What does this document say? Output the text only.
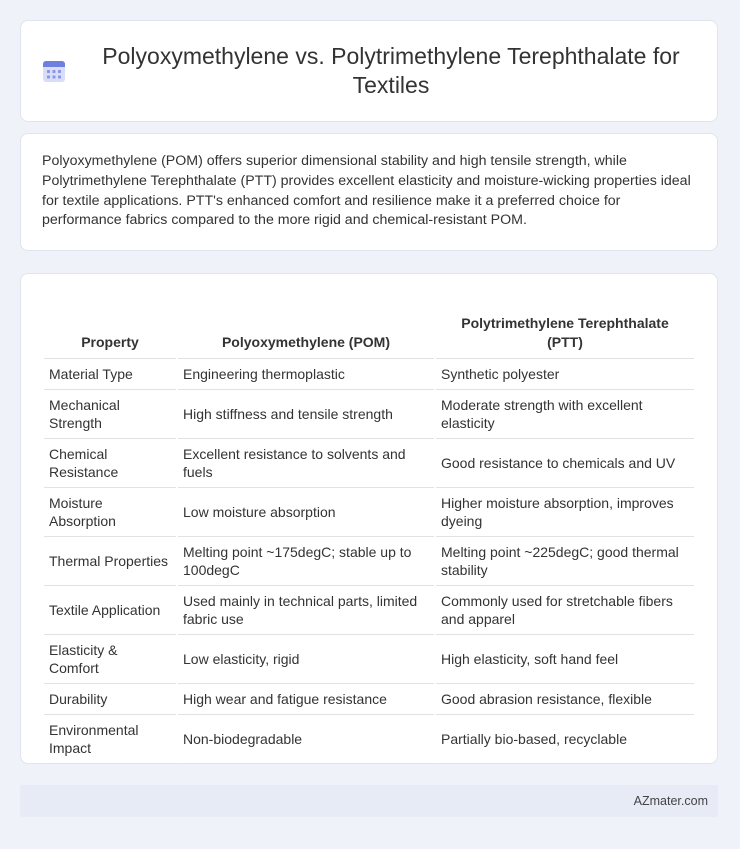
Polyoxymethylene vs. Polytrimethylene Terephthalate for Textiles

Polyoxymethylene (POM) offers superior dimensional stability and high tensile strength, while Polytrimethylene Terephthalate (PTT) provides excellent elasticity and moisture-wicking properties ideal for textile applications. PTT's enhanced comfort and resilience make it a preferred choice for performance fabrics compared to the more rigid and chemical-resistant POM.

Property	Polyoxymethylene (POM)	Polytrimethylene Terephthalate (PTT)
Material Type	Engineering thermoplastic	Synthetic polyester
Mechanical Strength	High stiffness and tensile strength	Moderate strength with excellent elasticity
Chemical Resistance	Excellent resistance to solvents and fuels	Good resistance to chemicals and UV
Moisture Absorption	Low moisture absorption	Higher moisture absorption, improves dyeing
Thermal Properties	Melting point ~175degC; stable up to 100degC	Melting point ~225degC; good thermal stability
Textile Application	Used mainly in technical parts, limited fabric use	Commonly used for stretchable fibers and apparel
Elasticity & Comfort	Low elasticity, rigid	High elasticity, soft hand feel
Durability	High wear and fatigue resistance	Good abrasion resistance, flexible
Environmental Impact	Non-biodegradable	Partially bio-based, recyclable
AZmater.com
